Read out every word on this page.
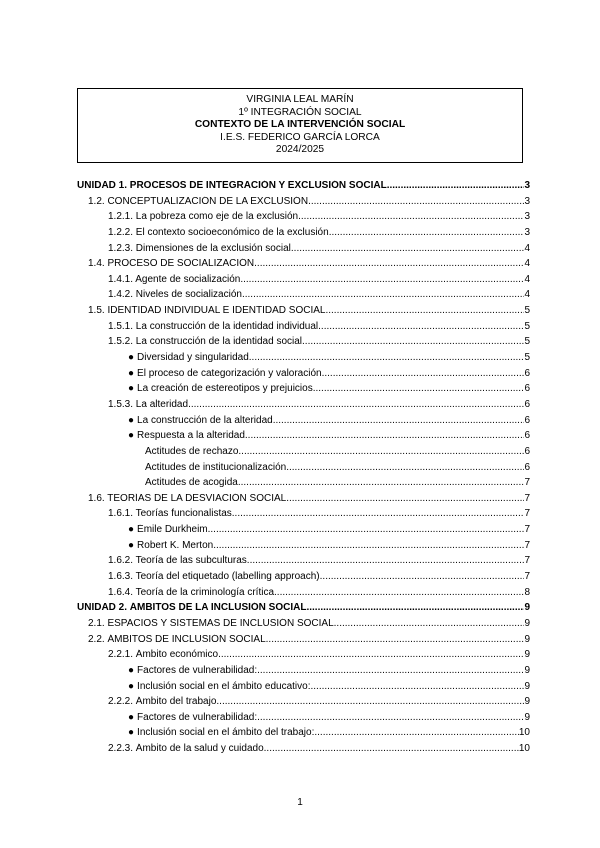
VIRGINIA LEAL MARÍN
1º INTEGRACIÓN SOCIAL
CONTEXTO DE LA INTERVENCIÓN SOCIAL
I.E.S. FEDERICO GARCÍA LORCA
2024/2025
UNIDAD 1. PROCESOS DE INTEGRACIÓN Y EXCLUSIÓN SOCIAL .....	3
1.2. CONCEPTUALIZACIÓN DE LA EXCLUSIÓN .....	3
1.2.1. La pobreza como eje de la exclusión .....	3
1.2.2. El contexto socioeconómico de la exclusión .....	3
1.2.3. Dimensiones de la exclusión social .....	4
1.4. PROCESO DE SOCIALIZACIÓN .....	4
1.4.1. Agente de socialización .....	4
1.4.2. Niveles de socialización .....	4
1.5. IDENTIDAD INDIVIDUAL E IDENTIDAD SOCIAL .....	5
1.5.1. La construcción de la identidad individual .....	5
1.5.2. La construcción de la identidad social .....	5
● Diversidad y singularidad .....	5
● El proceso de categorización y valoración .....	6
● La creación de estereotipos y prejuicios .....	6
1.5.3. La alteridad .....	6
● La construcción de la alteridad .....	6
● Respuesta a la alteridad .....	6
Actitudes de rechazo .....	6
Actitudes de institucionalización .....	6
Actitudes de acogida .....	7
1.6. TEORÍAS DE LA DESVIACIÓN SOCIAL .....	7
1.6.1. Teorías funcionalistas .....	7
● Émile Durkheim .....	7
● Robert K. Merton .....	7
1.6.2. Teoría de las subculturas .....	7
1.6.3. Teoría del etiquetado (labelling approach) .....	7
1.6.4. Teoría de la criminología crítica .....	8
UNIDAD 2. ÁMBITOS DE LA INCLUSIÓN SOCIAL .....	9
2.1. ESPACIOS Y SISTEMAS DE INCLUSIÓN SOCIAL .....	9
2.2. ÁMBITOS DE INCLUSIÓN SOCIAL .....	9
2.2.1. Ámbito económico .....	9
● Factores de vulnerabilidad: .....	9
● Inclusión social en el ámbito educativo: .....	9
2.2.2. Ámbito del trabajo .....	9
● Factores de vulnerabilidad: .....	9
● Inclusión social en el ámbito del trabajo: .....	10
2.2.3. Ámbito de la salud y cuidado .....	10
1
